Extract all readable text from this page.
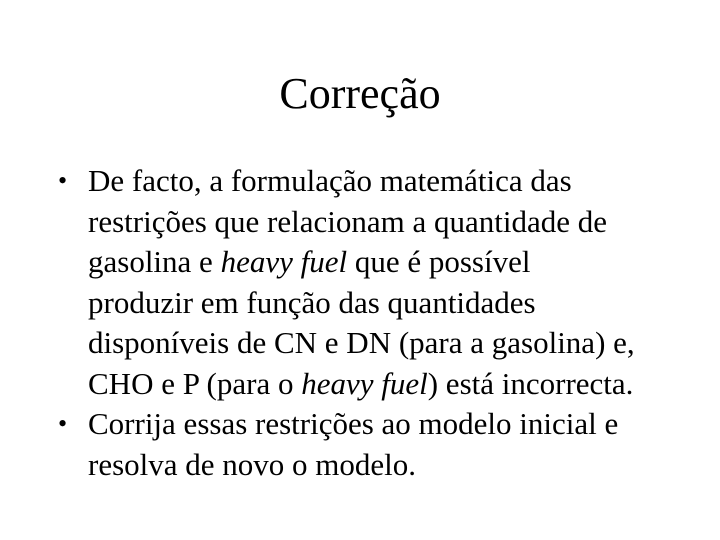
Correção
• De facto, a formulação matemática das
restrições que relacionam a quantidade de
gasolina e heavy fuel que é possível
produzir em função das quantidades
disponíveis de CN e DN (para a gasolina) e,
CHO e P (para o heavy fuel) está incorrecta.
• Corrija essas restrições ao modelo inicial e
resolva de novo o modelo.
